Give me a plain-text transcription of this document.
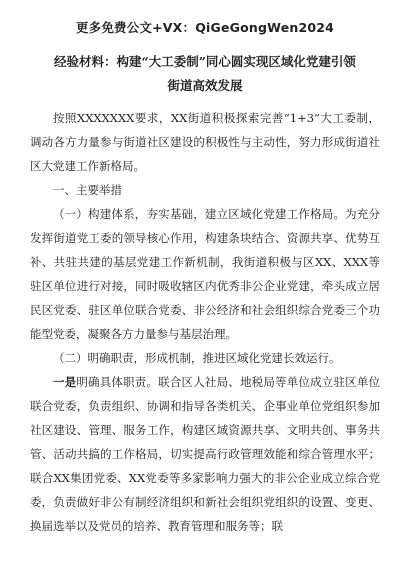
更多免费公文+VX：QiGeGongWen2024
经验材料：构建“大工委制”同心圆实现区域化党建引领
街道高效发展

按照XXXXXXX要求，XX街道积极探索完善“1+3”大工委制，调动各方力量参与街道社区建设的积极性与主动性，努力形成街道社区大党建工作新格局。

一、主要举措

（一）构建体系，夯实基础，建立区域化党建工作格局。为充分发挥街道党工委的领导核心作用，构建条块结合、资源共享、优势互补、共驻共建的基层党建工作新机制，我街道积极与区XX、XXX等驻区单位进行对接，同时吸收辖区内优秀非公企业党建，牵头成立居民区党委、驻区单位联合党委、非公经济和社会组织综合党委三个功能型党委，凝聚各方力量参与基层治理。

（二）明确职责，形成机制，推进区域化党建长效运行。

一是明确具体职责。联合区人社局、地税局等单位成立驻区单位联合党委，负责组织、协调和指导各类机关、企事业单位党组织参加社区建设、管理、服务工作，构建区域资源共享、文明共创、事务共管、活动共搞的工作格局，切实提高行政管理效能和综合管理水平；联合XX集团党委、XX党委等多家影响力强大的非公企业成立综合党委，负责做好非公有制经济组织和新社会组织党组织的设置、变更、换届选举以及党员的培养、教育管理和服务等；联
